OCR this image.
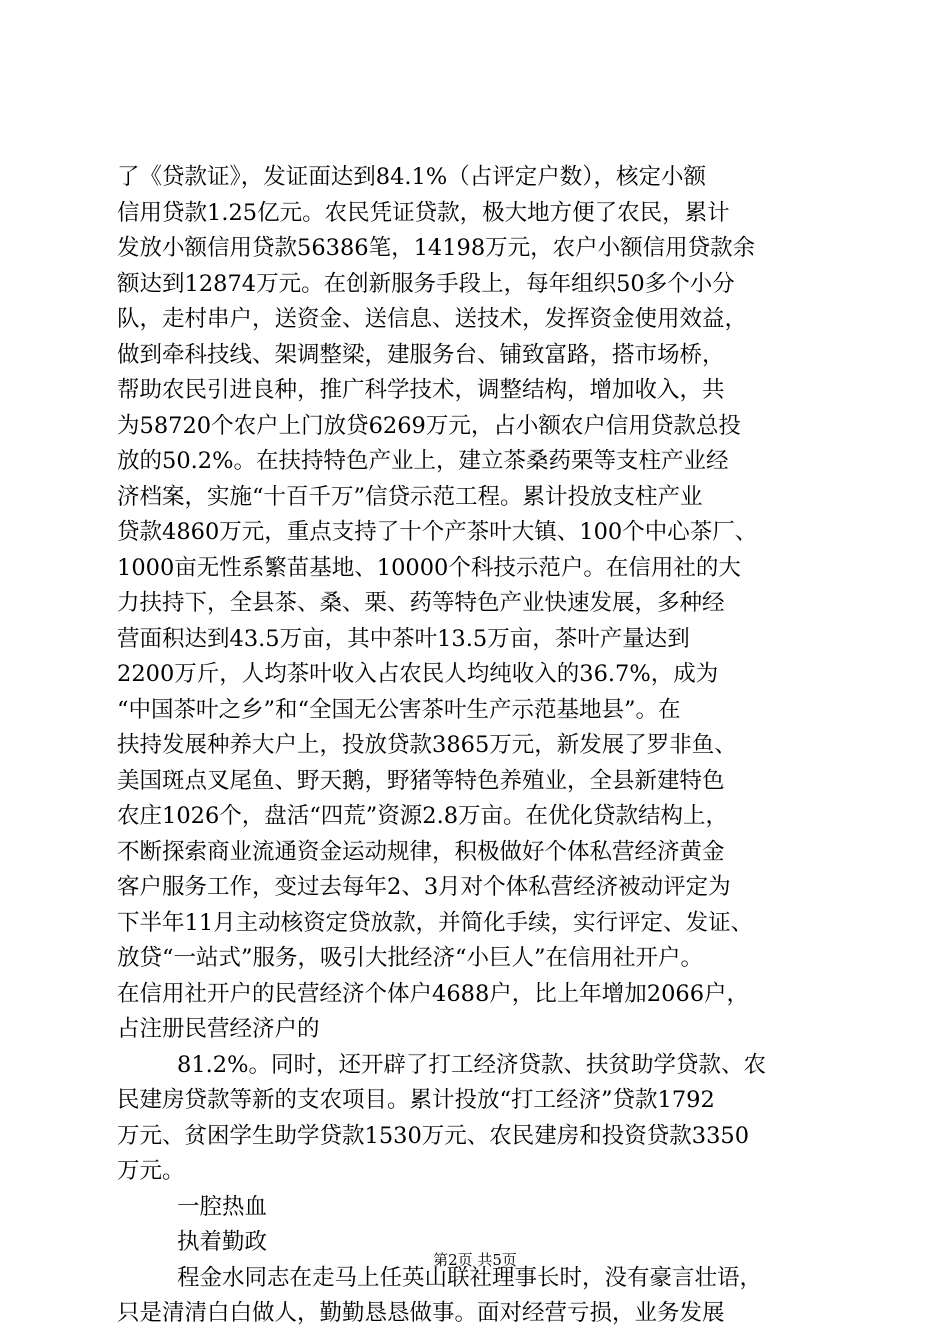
了《贷款证》，发证面达到84.1%（占评定户数），核定小额
信用贷款1.25亿元。农民凭证贷款，极大地方便了农民，累计
发放小额信用贷款56386笔，14198万元，农户小额信用贷款余
额达到12874万元。在创新服务手段上，每年组织50多个小分
队，走村串户，送资金、送信息、送技术，发挥资金使用效益，
做到牵科技线、架调整梁，建服务台、铺致富路，搭市场桥，
帮助农民引进良种，推广科学技术，调整结构，增加收入，共
为58720个农户上门放贷6269万元，占小额农户信用贷款总投
放的50.2%。在扶持特色产业上，建立茶桑药栗等支柱产业经
济档案，实施“十百千万”信贷示范工程。累计投放支柱产业
贷款4860万元，重点支持了十个产茶叶大镇、100个中心茶厂、
1000亩无性系繁苗基地、10000个科技示范户。在信用社的大
力扶持下，全县茶、桑、栗、药等特色产业快速发展，多种经
营面积达到43.5万亩，其中茶叶13.5万亩，茶叶产量达到
2200万斤，人均茶叶收入占农民人均纯收入的36.7%，成为
“中国茶叶之乡”和“全国无公害茶叶生产示范基地县”。在
扶持发展种养大户上，投放贷款3865万元，新发展了罗非鱼、
美国斑点叉尾鱼、野天鹅，野猪等特色养殖业，全县新建特色
农庄1026个，盘活“四荒”资源2.8万亩。在优化贷款结构上，
不断探索商业流通资金运动规律，积极做好个体私营经济黄金
客户服务工作，变过去每年2、3月对个体私营经济被动评定为
下半年11月主动核资定贷放款，并简化手续，实行评定、发证、
放贷“一站式”服务，吸引大批经济“小巨人”在信用社开户。
在信用社开户的民营经济个体户4688户，比上年增加2066户，
占注册民营经济户的
81.2%。同时，还开辟了打工经济贷款、扶贫助学贷款、农
民建房贷款等新的支农项目。累计投放“打工经济”贷款1792
万元、贫困学生助学贷款1530万元、农民建房和投资贷款3350
万元。
一腔热血
执着勤政
程金水同志在走马上任英山联社理事长时，没有豪言壮语，
只是清清白白做人，勤勤恳恳做事。面对经营亏损，业务发展
第2页 共5页
